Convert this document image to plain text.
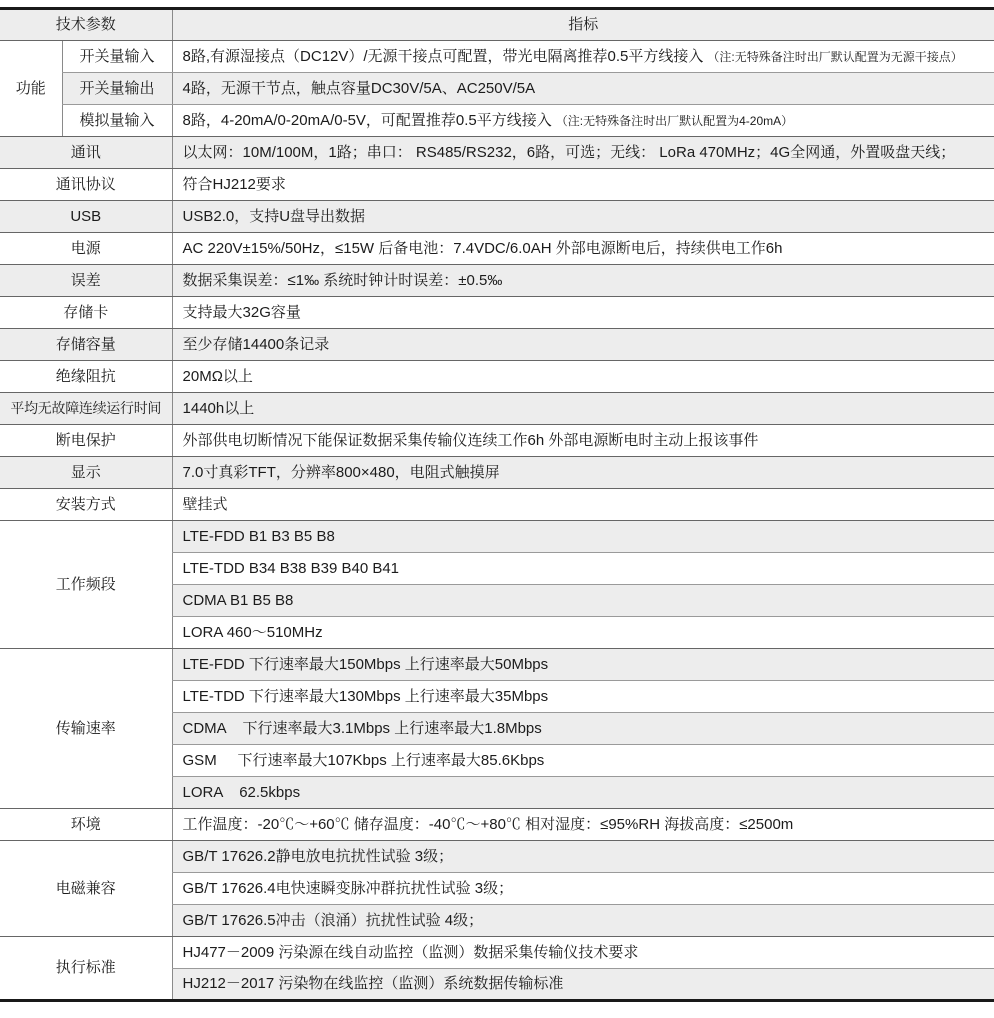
技术参数		指标
功能	开关量输入	8路,有源湿接点（DC12V）/无源干接点可配置，带光电隔离推荐0.5平方线接入 （注:无特殊备注时出厂默认配置为无源干接点）
	开关量输出	4路，无源干节点，触点容量DC30V/5A、AC250V/5A
	模拟量输入	8路，4-20mA/0-20mA/0-5V，可配置推荐0.5平方线接入 （注:无特殊备注时出厂默认配置为4-20mA）
通讯		以太网：10M/100M，1路；串口： RS485/RS232，6路，可选；无线： LoRa 470MHz；4G全网通，外置吸盘天线；
通讯协议		符合HJ212要求
USB		USB2.0，支持U盘导出数据
电源		AC 220V±15%/50Hz，≤15W 后备电池：7.4VDC/6.0AH 外部电源断电后，持续供电工作6h
误差		数据采集误差：≤1‰ 系统时钟计时误差：±0.5‰
存储卡		支持最大32G容量
存储容量		至少存储14400条记录
绝缘阻抗		20MΩ以上
平均无故障连续运行时间		1440h以上
断电保护		外部供电切断情况下能保证数据采集传输仪连续工作6h 外部电源断电时主动上报该事件
显示		7.0寸真彩TFT，分辨率800×480，电阻式触摸屏
安装方式		壁挂式
工作频段		LTE-FDD B1 B3 B5 B8
		LTE-TDD B34 B38 B39 B40 B41
		CDMA B1 B5 B8
		LORA 460～510MHz
传输速率		LTE-FDD 下行速率最大150Mbps 上行速率最大50Mbps
		LTE-TDD 下行速率最大130Mbps 上行速率最大35Mbps
		CDMA    下行速率最大3.1Mbps 上行速率最大1.8Mbps
		GSM     下行速率最大107Kbps 上行速率最大85.6Kbps
		LORA    62.5kbps
环境		工作温度：-20℃～+60℃ 储存温度：-40℃～+80℃ 相对湿度：≤95%RH 海拔高度：≤2500m
电磁兼容		GB/T 17626.2静电放电抗扰性试验 3级；
		GB/T 17626.4电快速瞬变脉冲群抗扰性试验 3级；
		GB/T 17626.5冲击（浪涌）抗扰性试验 4级；
执行标准		HJ477－2009 污染源在线自动监控（监测）数据采集传输仪技术要求
		HJ212－2017 污染物在线监控（监测）系统数据传输标准
